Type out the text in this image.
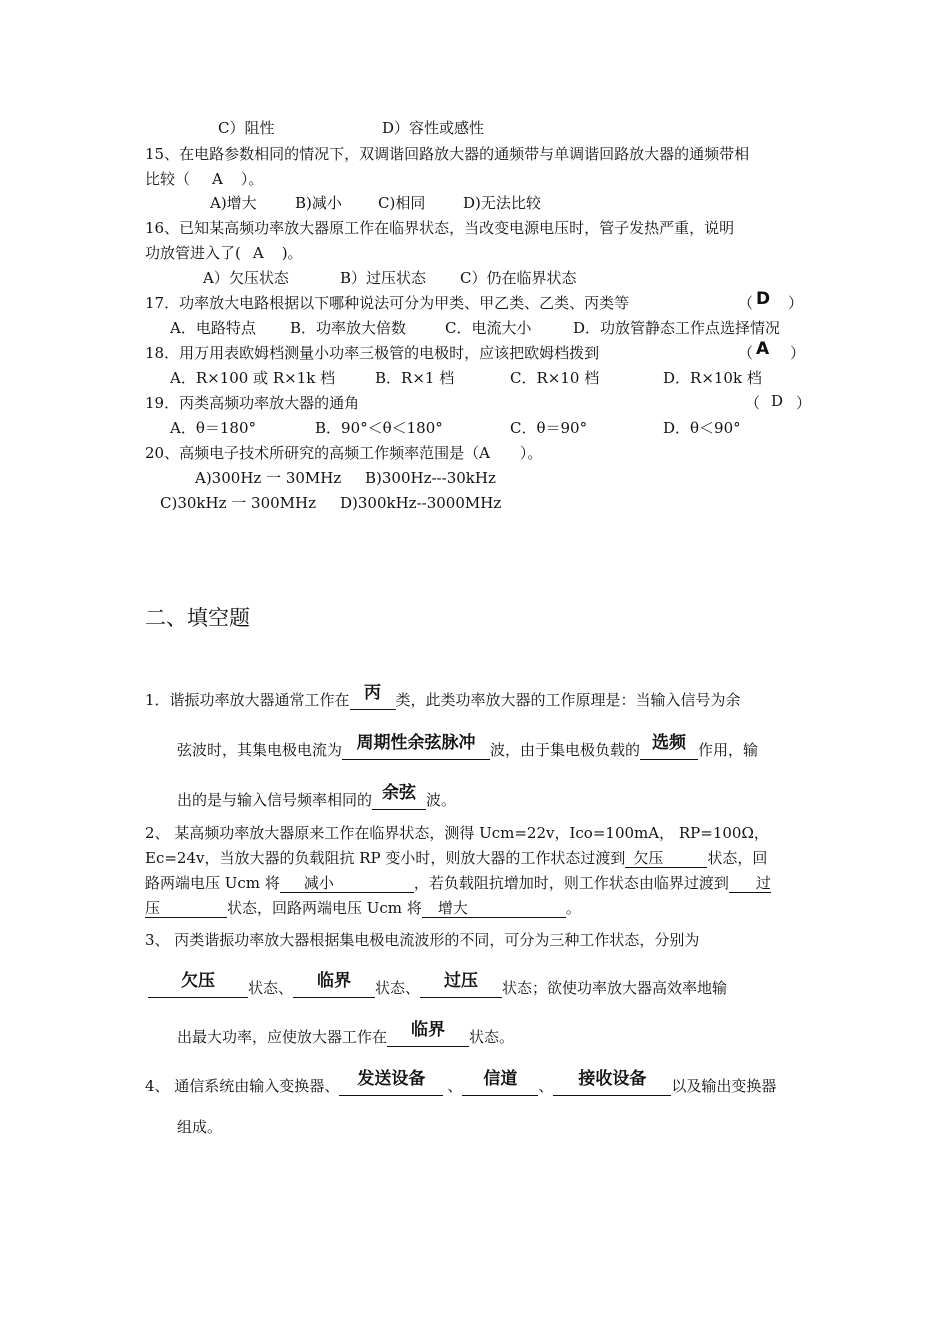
C）阻性	D）容性或感性
15、在电路参数相同的情况下，双调谐回路放大器的通频带与单调谐回路放大器的通频带相
比较（ A ）。
A)增大	B)减小 C)相同	D)无法比较
16、已知某高频功率放大器原工作在临界状态，当改变电源电压时，管子发热严重，说明
功放管进入了( A )。
A）欠压状态	B）过压状态 C）仍在临界状态
17．功率放大电路根据以下哪种说法可分为甲类、甲乙类、乙类、丙类等	（ D ）
A．电路特点 B．功率放大倍数	C．电流大小	D．功放管静态工作点选择情况
18．用万用表欧姆档测量小功率三极管的电极时，应该把欧姆档拨到	（ A ）
A．R×100 或 R×1k 档	B．R×1 档	C．R×10 档	D．R×10k 档
19．丙类高频功率放大器的通角	（ D ）
A．θ＝180°	B．90°＜θ＜180°	C．θ＝90°	D．θ＜90°
20、高频电子技术所研究的高频工作频率范围是（A ）。
A)300Hz 一 30MHz B)300Hz---30kHz
C)30kHz 一 300MHz D)300kHz--3000MHz
二、填空题
1．谐振功率放大器通常工作在 丙 类，此类功率放大器的工作原理是：当输入信号为余
弦波时，其集电极电流为 周期性余弦脉冲 波，由于集电极负载的 选频 作用，输
出的是与输入信号频率相同的 余弦 波。
2、 某高频功率放大器原来工作在临界状态，测得 Ucm=22v，Ico=100mA， RP=100Ω，
Ec=24v，当放大器的负载阻抗 RP 变小时，则放大器的工作状态过渡到 欠压	状态，回
路两端电压 Ucm 将 减小	，若负载阻抗增加时，则工作状态由临界过渡到 过
压	状态，回路两端电压 Ucm 将 增大	。
3、 丙类谐振功率放大器根据集电极电流波形的不同，可分为三种工作状态，分别为
欠压 状态、 临界 状态、 过压 状态；欲使功率放大器高效率地输
出最大功率，应使放大器工作在 临界 状态。
4、 通信系统由输入变换器、 发送设备 、 信道 、 接收设备 以及输出变换器
组成。
